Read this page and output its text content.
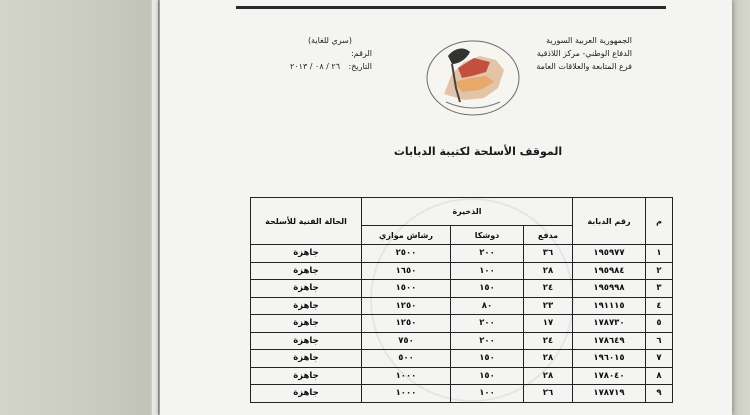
الجمهورية العربية السورية
الدفاع الوطني- مركز اللاذقية
فرع المتابعة والعلاقات العامة
(سري للغاية)
الرقم:
التاريخ: ٢٦ / ٠٨ / ٢٠١٣
الموقف الأسلحة لكتيبة الدبابات
م	رقم الدبابة	الذخيرة			الحالة الفنية للأسلحة
		مدفع	دوشكا	رشاش موازي	
١	١٩٥٩٧٧	٣٦	٢٠٠	٢٥٠٠	جاهزة
٢	١٩٥٩٨٤	٢٨	١٠٠	١٦٥٠	جاهزة
٣	١٩٥٩٩٨	٢٤	١٥٠	١٥٠٠	جاهزة
٤	١٩١١١٥	٢٣	٨٠	١٢٥٠	جاهزة
٥	١٧٨٧٣٠	١٧	٢٠٠	١٢٥٠	جاهزة
٦	١٧٨٦٤٩	٢٤	٢٠٠	٧٥٠	جاهزة
٧	١٩٦٠١٥	٢٨	١٥٠	٥٠٠	جاهزة
٨	١٧٨٠٤٠	٢٨	١٥٠	١٠٠٠	جاهزة
٩	١٧٨٧١٩	٢٦	١٠٠	١٠٠٠	جاهزة
